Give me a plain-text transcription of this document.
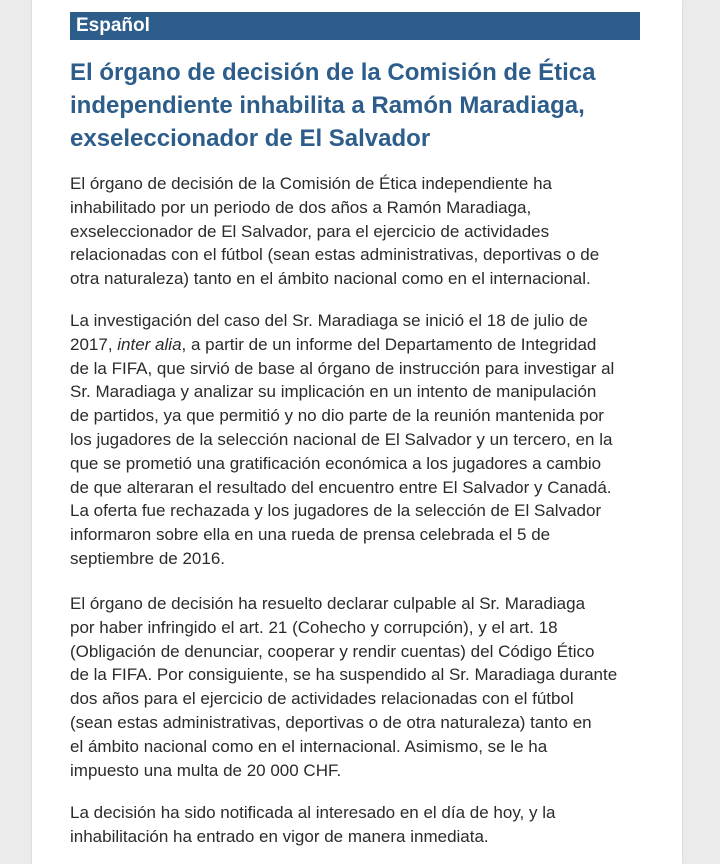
Español
El órgano de decisión de la Comisión de Ética
independiente inhabilita a Ramón Maradiaga,
exseleccionador de El Salvador

El órgano de decisión de la Comisión de Ética independiente ha
inhabilitado por un periodo de dos años a Ramón Maradiaga,
exseleccionador de El Salvador, para el ejercicio de actividades
relacionadas con el fútbol (sean estas administrativas, deportivas o de
otra naturaleza) tanto en el ámbito nacional como en el internacional.

La investigación del caso del Sr. Maradiaga se inició el 18 de julio de
2017, inter alia, a partir de un informe del Departamento de Integridad
de la FIFA, que sirvió de base al órgano de instrucción para investigar al
Sr. Maradiaga y analizar su implicación en un intento de manipulación
de partidos, ya que permitió y no dio parte de la reunión mantenida por
los jugadores de la selección nacional de El Salvador y un tercero, en la
que se prometió una gratificación económica a los jugadores a cambio
de que alteraran el resultado del encuentro entre El Salvador y Canadá.
La oferta fue rechazada y los jugadores de la selección de El Salvador
informaron sobre ella en una rueda de prensa celebrada el 5 de
septiembre de 2016.

El órgano de decisión ha resuelto declarar culpable al Sr. Maradiaga
por haber infringido el art. 21 (Cohecho y corrupción), y el art. 18
(Obligación de denunciar, cooperar y rendir cuentas) del Código Ético
de la FIFA. Por consiguiente, se ha suspendido al Sr. Maradiaga durante
dos años para el ejercicio de actividades relacionadas con el fútbol
(sean estas administrativas, deportivas o de otra naturaleza) tanto en
el ámbito nacional como en el internacional. Asimismo, se le ha
impuesto una multa de 20 000 CHF.

La decisión ha sido notificada al interesado en el día de hoy, y la
inhabilitación ha entrado en vigor de manera inmediata.
